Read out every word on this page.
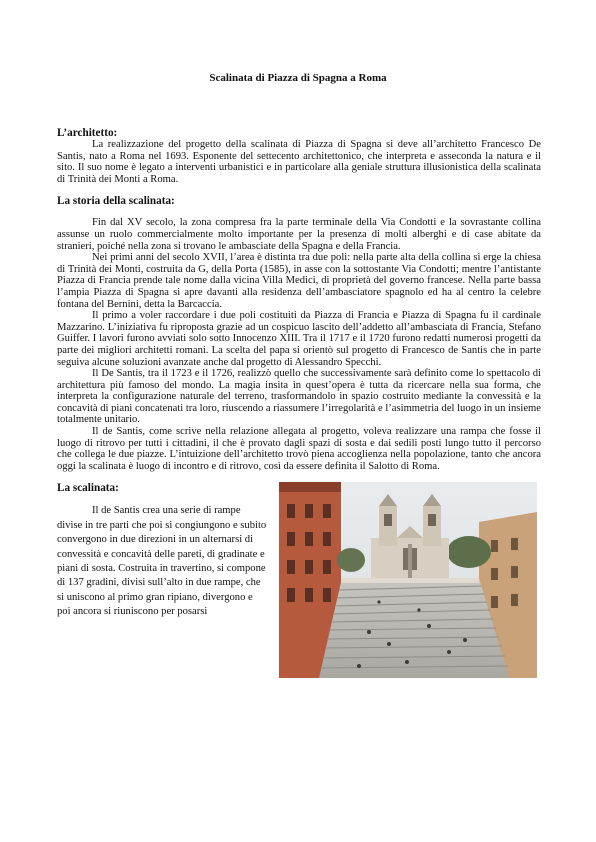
Scalinata di Piazza di Spagna a Roma
L’architetto:

La realizzazione del progetto della scalinata di Piazza di Spagna si deve all’architetto Francesco De Santis, nato a Roma nel 1693. Esponente del settecento architettonico, che interpreta e asseconda la natura e il sito. Il suo nome è legato a interventi urbanistici e in particolare alla geniale struttura illusionistica della scalinata di Trinità dei Monti a Roma.

La storia della scalinata:

Fin dal XV secolo, la zona compresa fra la parte terminale della Via Condotti e la sovrastante collina assunse un ruolo commercialmente molto importante per la presenza di molti alberghi e di case abitate da stranieri, poiché nella zona si trovano le ambasciate della Spagna e della Francia.

Nei primi anni del secolo XVII, l’area è distinta tra due poli: nella parte alta della collina si erge la chiesa di Trinità dei Monti, costruita da G, della Porta (1585), in asse con la sottostante Via Condotti; mentre l’antistante Piazza di Francia prende tale nome dalla vicina Villa Medici, di proprietà del governo francese. Nella parte bassa l’ampia Piazza di Spagna si apre davanti alla residenza dell’ambasciatore spagnolo ed ha al centro la celebre fontana del Bernini, detta la Barcaccia.

Il primo a voler raccordare i due poli costituiti da Piazza di Francia e Piazza di Spagna fu il cardinale Mazzarino. L’iniziativa fu riproposta grazie ad un cospicuo lascito dell’addetto all’ambasciata di Francia, Stefano Guiffer. I lavori furono avviati solo sotto Innocenzo XIII. Tra il 1717 e il 1720 furono redatti numerosi progetti da parte dei migliori architetti romani. La scelta del papa si orientò sul progetto di Francesco de Santis che in parte seguiva alcune soluzioni avanzate anche dal progetto di Alessandro Specchi.

Il De Santis, tra il 1723 e il 1726, realizzò quello che successivamente sarà definito come lo spettacolo di architettura più famoso del mondo. La magia insita in quest’opera è tutta da ricercare nella sua forma, che interpreta la configurazione naturale del terreno, trasformandolo in spazio costruito mediante la convessità e la concavità di piani concatenati tra loro, riuscendo a riassumere l’irregolarità e l’asimmetria del luogo in un insieme totalmente unitario.

Il de Santis, come scrive nella relazione allegata al progetto, voleva realizzare una rampa che fosse il luogo di ritrovo per tutti i cittadini, il che è provato dagli spazi di sosta e dai sedili posti lungo tutto il percorso che collega le due piazze. L’intuizione dell’architetto trovò piena accoglienza nella popolazione, tanto che ancora oggi la scalinata è luogo di incontro e di ritrovo, così da essere definita il Salotto di Roma.

La scalinata:

Il de Santis crea una serie di rampe divise in tre parti che poi si congiungono e subito convergono in due direzioni in un alternarsi di convessità e concavità delle pareti, di gradinate e piani di sosta. Costruita in travertino, si compone di 137 gradini, divisi sull’alto in due rampe, che si uniscono al primo gran ripiano, divergono e poi ancora si riuniscono per posarsi
